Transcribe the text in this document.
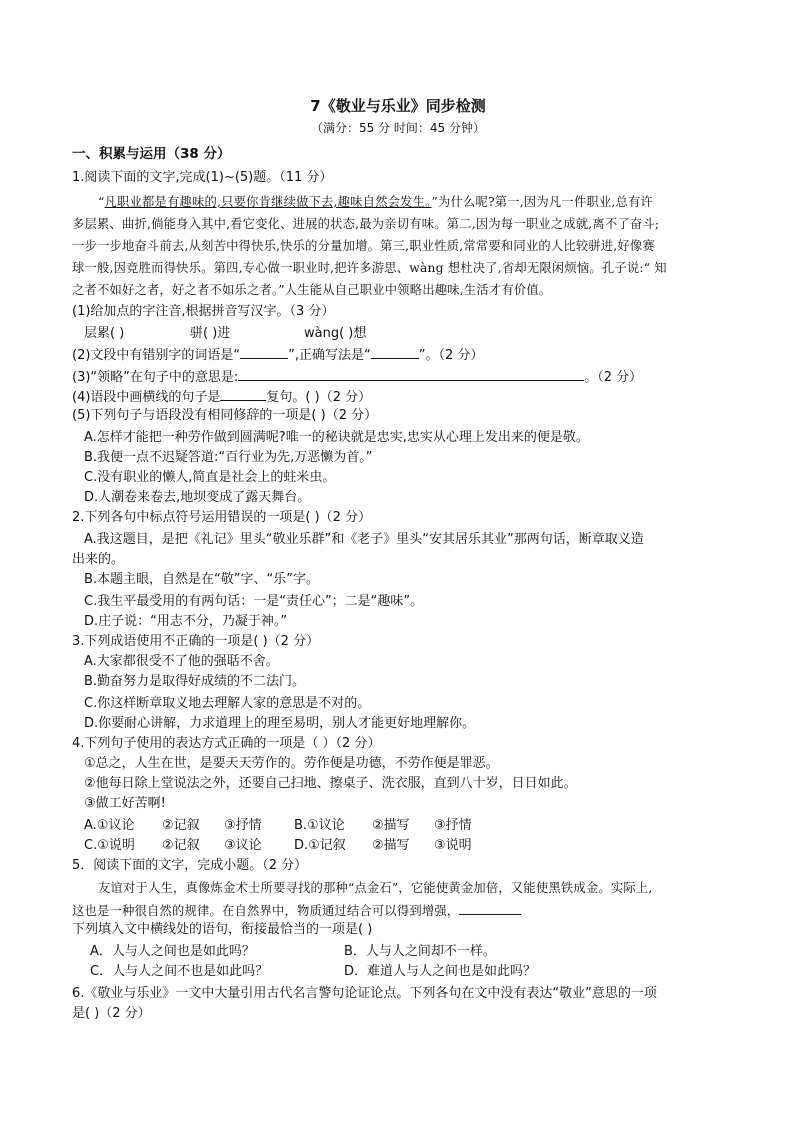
7《敬业与乐业》同步检测
（满分：55 分 时间：45 分钟）
一、积累与运用（38 分）
1.阅读下面的文字,完成(1)~(5)题。（11 分）
“凡职业都是有趣味的,只要你肯继续做下去,趣味自然会发生。”为什么呢?第一,因为凡一件职业,总有许
多层累、曲折,倘能身入其中,看它变化、进展的状态,最为亲切有味。第二,因为每一职业之成就,离不了奋斗;
一步一步地奋斗前去,从刻苦中得快乐,快乐的分量加增。第三,职业性质,常常要和同业的人比较骈进,好像赛
球一般,因竞胜而得快乐。第四,专心做一职业时,把许多游思、wàng 想杜决了,省却无限闲烦恼。孔子说:“ 知
之者不如好之者，好之者不如乐之者。”人生能从自己职业中领略出趣味,生活才有价值。
(1)给加点的字注音,根据拼音写汉字。（3 分）
层累( )	骈( )进	wàng( )想
(2)文段中有错别字的词语是“	”,正确写法是“	”。（2 分）
(3)“领略”在句子中的意思是:	。（2 分）
(4)语段中画横线的句子是	复句。( )（2 分）
(5)下列句子与语段没有相同修辞的一项是( )（2 分）
A.怎样才能把一种劳作做到圆满呢?唯一的秘诀就是忠实,忠实从心理上发出来的便是敬。
B.我便一点不迟疑答道:“百行业为先,万恶懒为首。”
C.没有职业的懒人,简直是社会上的蛀米虫。
D.人潮卷来卷去,地坝变成了露天舞台。
2.下列各句中标点符号运用错误的一项是( )（2 分）
A.我这题目，是把《礼记》里头“敬业乐群”和《老子》里头“安其居乐其业”那两句话，断章取义造
出来的。
B.本题主眼，自然是在“敬”字、“乐”字。
C.我生平最受用的有两句话：一是“责任心”；二是“趣味”。
D.庄子说：“用志不分，乃凝于神。”
3.下列成语使用不正确的一项是( )（2 分）
A.大家都很受不了他的强聒不舍。
B.勤奋努力是取得好成绩的不二法门。
C.你这样断章取义地去理解人家的意思是不对的。
D.你要耐心讲解，力求道理上的理至易明，别人才能更好地理解你。
4.下列句子使用的表达方式正确的一项是（ ）（2 分）
①总之，人生在世，是要天天劳作的。劳作便是功德，不劳作便是罪恶。
②他每日除上堂说法之外，还要自己扫地、擦桌子、洗衣服，直到八十岁，日日如此。
③做工好苦啊!
A.①议论 ②记叙 ③抒情 B.①议论 ②描写 ③抒情
C.①说明 ②记叙 ③议论 D.①记叙 ②描写 ③说明
5．阅读下面的文字，完成小题。（2 分）
友谊对于人生，真像炼金术士所要寻找的那种“点金石”，它能使黄金加倍，又能使黑铁成金。实际上,
这也是一种很自然的规律。在自然界中，物质通过结合可以得到增强，
下列填入文中横线处的语句，衔接最恰当的一项是( )
A．人与人之间也是如此吗？	B．人与人之间却不一样。
C．人与人之间不也是如此吗？	D．难道人与人之间也是如此吗？
6.《敬业与乐业》一文中大量引用古代名言警句论证论点。下列各句在文中没有表达“敬业”意思的一项
是( )（2 分）
